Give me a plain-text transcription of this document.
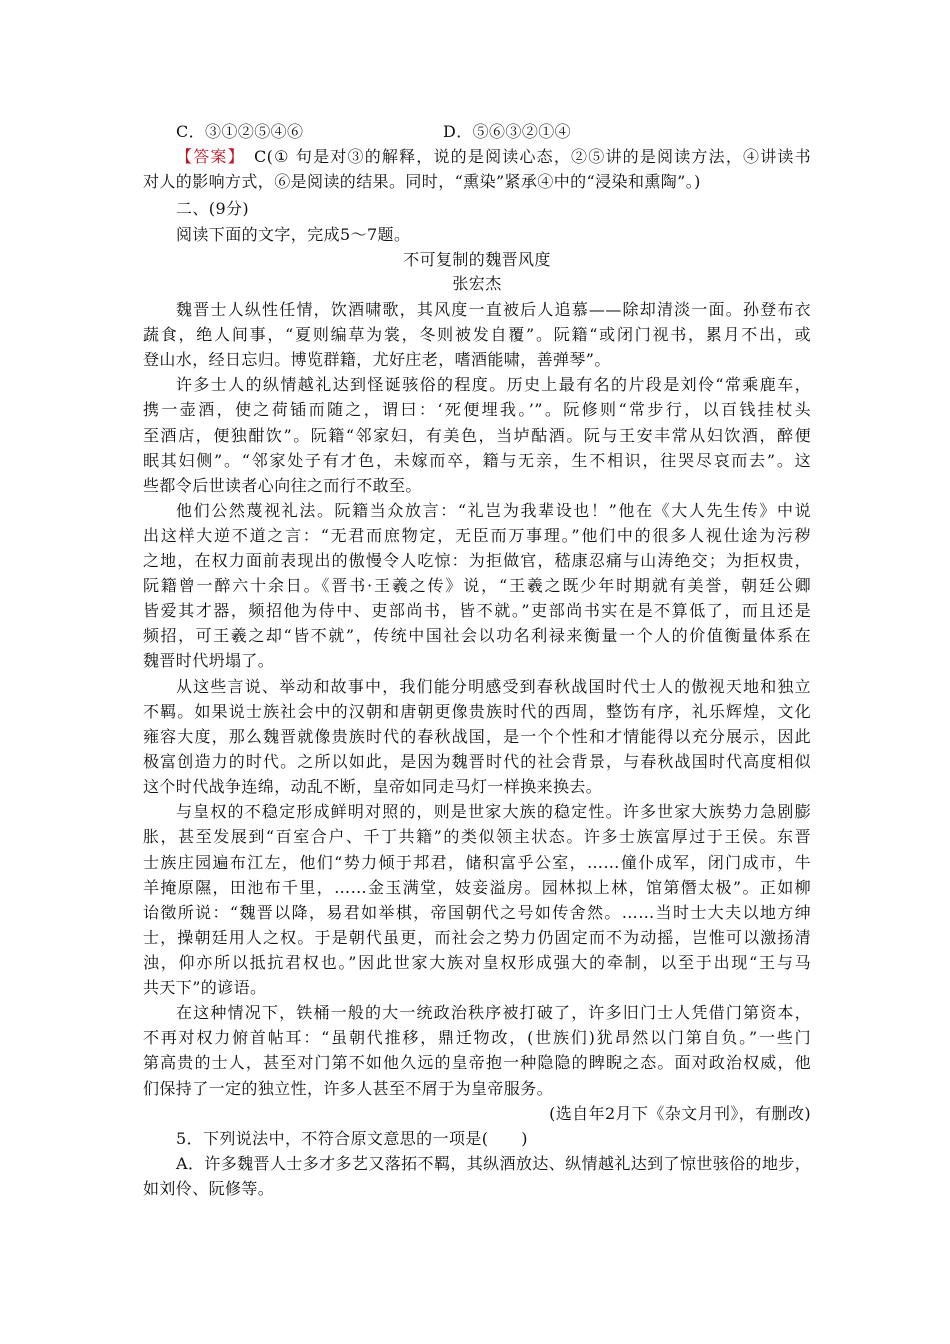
C．③①②⑤④⑥	D．⑤⑥③②①④
【答案】　 C(① 句是对③的解释，说的是阅读心态，②⑤讲的是阅读方法，④讲读书
对人的影响方式，⑥是阅读的结果。同时，“熏染”紧承④中的“浸染和熏陶”。)
二、(9分)
阅读下面的文字，完成5～7题。
不可复制的魏晋风度
张宏杰
魏晋士人纵性任情，饮酒啸歌，其风度一直被后人追慕——除却清淡一面。孙登布衣
蔬食，绝人间事，“夏则编草为裳，冬则被发自覆”。阮籍“或闭门视书，累月不出，或
登山水，经日忘归。博览群籍，尤好庄老，嗜酒能啸，善弹琴”。
许多士人的纵情越礼达到怪诞骇俗的程度。历史上最有名的片段是刘伶“常乘鹿车，
携一壶酒，使之荷锸而随之，谓曰：‘死便埋我。’”。阮修则“常步行，以百钱挂杖头
至酒店，便独酣饮”。阮籍“邻家妇，有美色，当垆酤酒。阮与王安丰常从妇饮酒，醉便
眠其妇侧”。“邻家处子有才色，未嫁而卒，籍与无亲，生不相识，往哭尽哀而去”。这
些都令后世读者心向往之而行不敢至。
他们公然蔑视礼法。阮籍当众放言：“礼岂为我辈设也！”他在《大人先生传》中说
出这样大逆不道之言：“无君而庶物定，无臣而万事理。”他们中的很多人视仕途为污秽
之地，在权力面前表现出的傲慢令人吃惊：为拒做官，嵇康忍痛与山涛绝交；为拒权贵，
阮籍曾一醉六十余日。《晋书·王羲之传》说，“王羲之既少年时期就有美誉，朝廷公卿
皆爱其才器，频招他为侍中、吏部尚书，皆不就。”吏部尚书实在是不算低了，而且还是
频招，可王羲之却“皆不就”，传统中国社会以功名利禄来衡量一个人的价值衡量体系在
魏晋时代坍塌了。
从这些言说、举动和故事中，我们能分明感受到春秋战国时代士人的傲视天地和独立
不羁。如果说士族社会中的汉朝和唐朝更像贵族时代的西周，整饬有序，礼乐辉煌，文化
雍容大度，那么魏晋就像贵族时代的春秋战国，是一个个性和才情能得以充分展示，因此
极富创造力的时代。之所以如此，是因为魏晋时代的社会背景，与春秋战国时代高度相似
这个时代战争连绵，动乱不断，皇帝如同走马灯一样换来换去。
与皇权的不稳定形成鲜明对照的，则是世家大族的稳定性。许多世家大族势力急剧膨
胀，甚至发展到“百室合户、千丁共籍”的类似领主状态。许多士族富厚过于王侯。东晋
士族庄园遍布江左，他们“势力倾于邦君，储积富乎公室，……僮仆成军，闭门成市，牛
羊掩原隰，田池布千里，……金玉满堂，妓妾溢房。园林拟上林，馆第僭太极”。正如柳
诒徵所说：“魏晋以降，易君如举棋，帝国朝代之号如传舍然。……当时士大夫以地方绅
士，操朝廷用人之权。于是朝代虽更，而社会之势力仍固定而不为动摇，岂惟可以激扬清
浊，仰亦所以抵抗君权也。”因此世家大族对皇权形成强大的牵制，以至于出现“王与马
共天下”的谚语。
在这种情况下，铁桶一般的大一统政治秩序被打破了，许多旧门士人凭借门第资本，
不再对权力俯首帖耳：“虽朝代推移，鼎迁物改，(世族们)犹昂然以门第自负。”一些门
第高贵的士人，甚至对门第不如他久远的皇帝抱一种隐隐的睥睨之态。面对政治权威，他
们保持了一定的独立性，许多人甚至不屑于为皇帝服务。
(选自年2月下《杂文月刊》，有删改)
5．下列说法中，不符合原文意思的一项是(　　)
A．许多魏晋人士多才多艺又落拓不羁，其纵酒放达、纵情越礼达到了惊世骇俗的地步，
如刘伶、阮修等。
